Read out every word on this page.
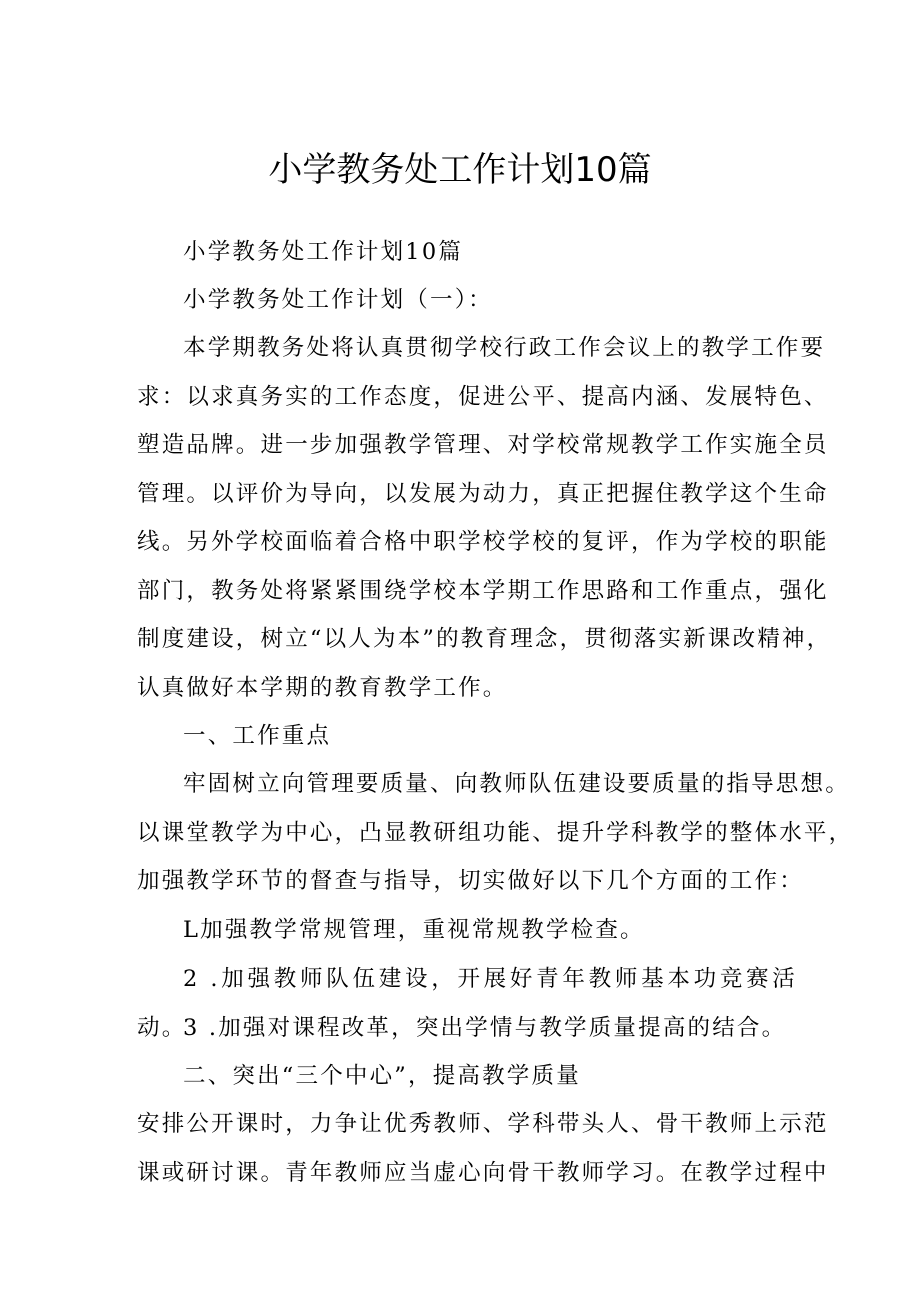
小学教务处工作计划10篇

小学教务处工作计划10篇

小学教务处工作计划（一）：

本学期教务处将认真贯彻学校行政工作会议上的教学工作要
求：以求真务实的工作态度，促进公平、提高内涵、发展特色、
塑造品牌。进一步加强教学管理、对学校常规教学工作实施全员
管理。以评价为导向，以发展为动力，真正把握住教学这个生命
线。另外学校面临着合格中职学校学校的复评，作为学校的职能
部门，教务处将紧紧围绕学校本学期工作思路和工作重点，强化
制度建设，树立“以人为本”的教育理念，贯彻落实新课改精神，
认真做好本学期的教育教学工作。

一、工作重点

牢固树立向管理要质量、向教师队伍建设要质量的指导思想。
以课堂教学为中心，凸显教研组功能、提升学科教学的整体水平，
加强教学环节的督查与指导，切实做好以下几个方面的工作：

L加强教学常规管理，重视常规教学检查。

2 .加强教师队伍建设，开展好青年教师基本功竞赛活动。

3 .加强对课程改革，突出学情与教学质量提高的结合。

二、突出“三个中心”，提高教学质量

安排公开课时，力争让优秀教师、学科带头人、骨干教师上示范
课或研讨课。青年教师应当虚心向骨干教师学习。在教学过程中
